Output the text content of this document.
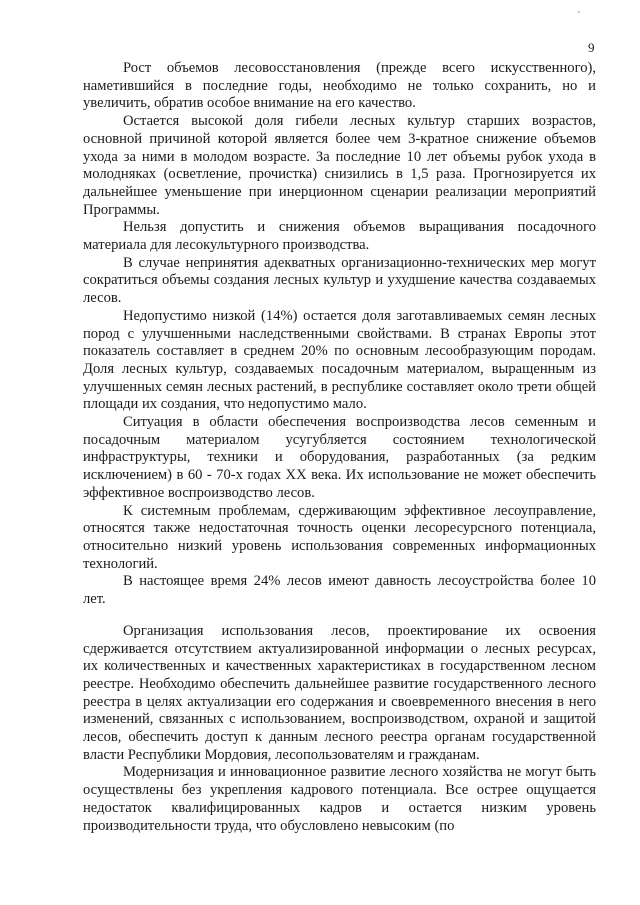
9
'

Рост объемов лесовосстановления (прежде всего искусственного), наметившийся в последние годы, необходимо не только сохранить, но и увеличить, обратив особое внимание на его качество.

Остается высокой доля гибели лесных культур старших возрастов, основной причиной которой является более чем 3-кратное снижение объемов ухода за ними в молодом возрасте. За последние 10 лет объемы рубок ухода в молодняках (осветление, прочистка) снизились в 1,5 раза. Прогнозируется их дальнейшее уменьшение при инерционном сценарии реализации мероприятий Программы.

Нельзя допустить и снижения объемов выращивания посадочного материала для лесокультурного производства.

В случае непринятия адекватных организационно-технических мер могут сократиться объемы создания лесных культур и ухудшение качества создаваемых лесов.

Недопустимо низкой (14%) остается доля заготавливаемых семян лесных пород с улучшенными наследственными свойствами. В странах Европы этот показатель составляет в среднем 20% по основным лесообразующим породам. Доля лесных культур, создаваемых посадочным материалом, выращенным из улучшенных семян лесных растений, в республике составляет около трети общей площади их создания, что недопустимо мало.

Ситуация в области обеспечения воспроизводства лесов семенным и посадочным материалом усугубляется состоянием технологической инфраструктуры, техники и оборудования, разработанных (за редким исключением) в 60 - 70-х годах XX века. Их использование не может обеспечить эффективное воспроизводство лесов.

К системным проблемам, сдерживающим эффективное лесоуправление, относятся также недостаточная точность оценки лесоресурсного потенциала, относительно низкий уровень использования современных информационных технологий.

В настоящее время 24% лесов имеют давность лесоустройства более 10 лет.

Организация использования лесов, проектирование их освоения сдерживается отсутствием актуализированной информации о лесных ресурсах, их количественных и качественных характеристиках в государственном лесном реестре. Необходимо обеспечить дальнейшее развитие государственного лесного реестра в целях актуализации его содержания и своевременного внесения в него изменений, связанных с использованием, воспроизводством, охраной и защитой лесов, обеспечить доступ к данным лесного реестра органам государственной власти Республики Мордовия, лесопользователям и гражданам.

Модернизация и инновационное развитие лесного хозяйства не могут быть осуществлены без укрепления кадрового потенциала. Все острее ощущается недостаток квалифицированных кадров и остается низким уровень производительности труда, что обусловлено невысоким (по
